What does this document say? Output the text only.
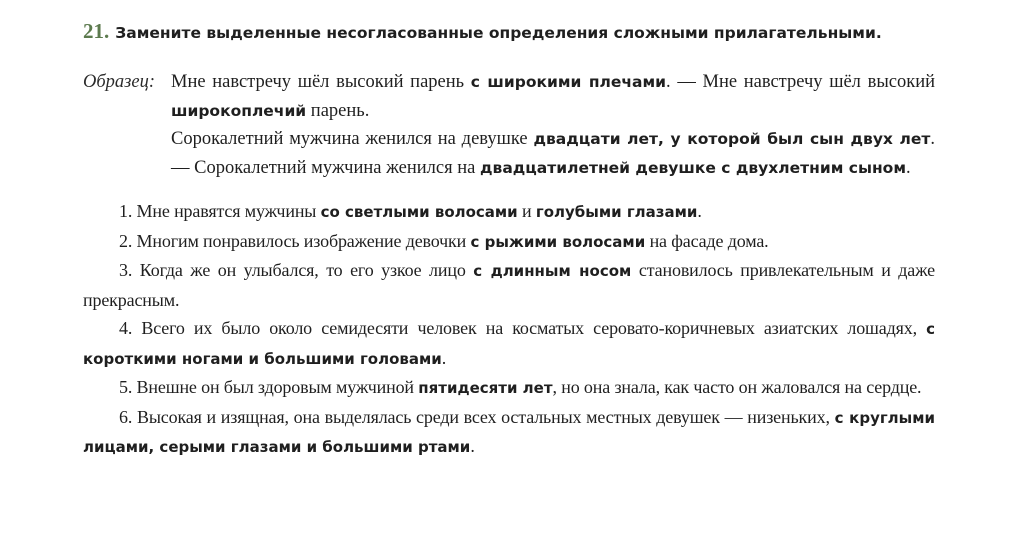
21. Замените выделенные несогласованные определения сложными прилагательными.
Образец: Мне навстречу шёл высокий парень с широкими плечами. — Мне навстречу шёл высокий широкоплечий парень.

Сорокалетний мужчина женился на девушке двадцати лет, у которой был сын двух лет. — Сорокалетний мужчина женился на двадцатилетней девушке с двухлетним сыном.

1. Мне нравятся мужчины со светлыми волосами и голубыми глазами.

2. Многим понравилось изображение девочки с рыжими волосами на фасаде дома.

3. Когда же он улыбался, то его узкое лицо с длинным носом становилось привлекательным и даже прекрасным.

4. Всего их было около семидесяти человек на косматых серовато-коричневых азиатских лошадях, с короткими ногами и большими головами.

5. Внешне он был здоровым мужчиной пятидесяти лет, но она знала, как часто он жаловался на сердце.

6. Высокая и изящная, она выделялась среди всех остальных местных девушек — низеньких, с круглыми лицами, серыми глазами и большими ртами.
